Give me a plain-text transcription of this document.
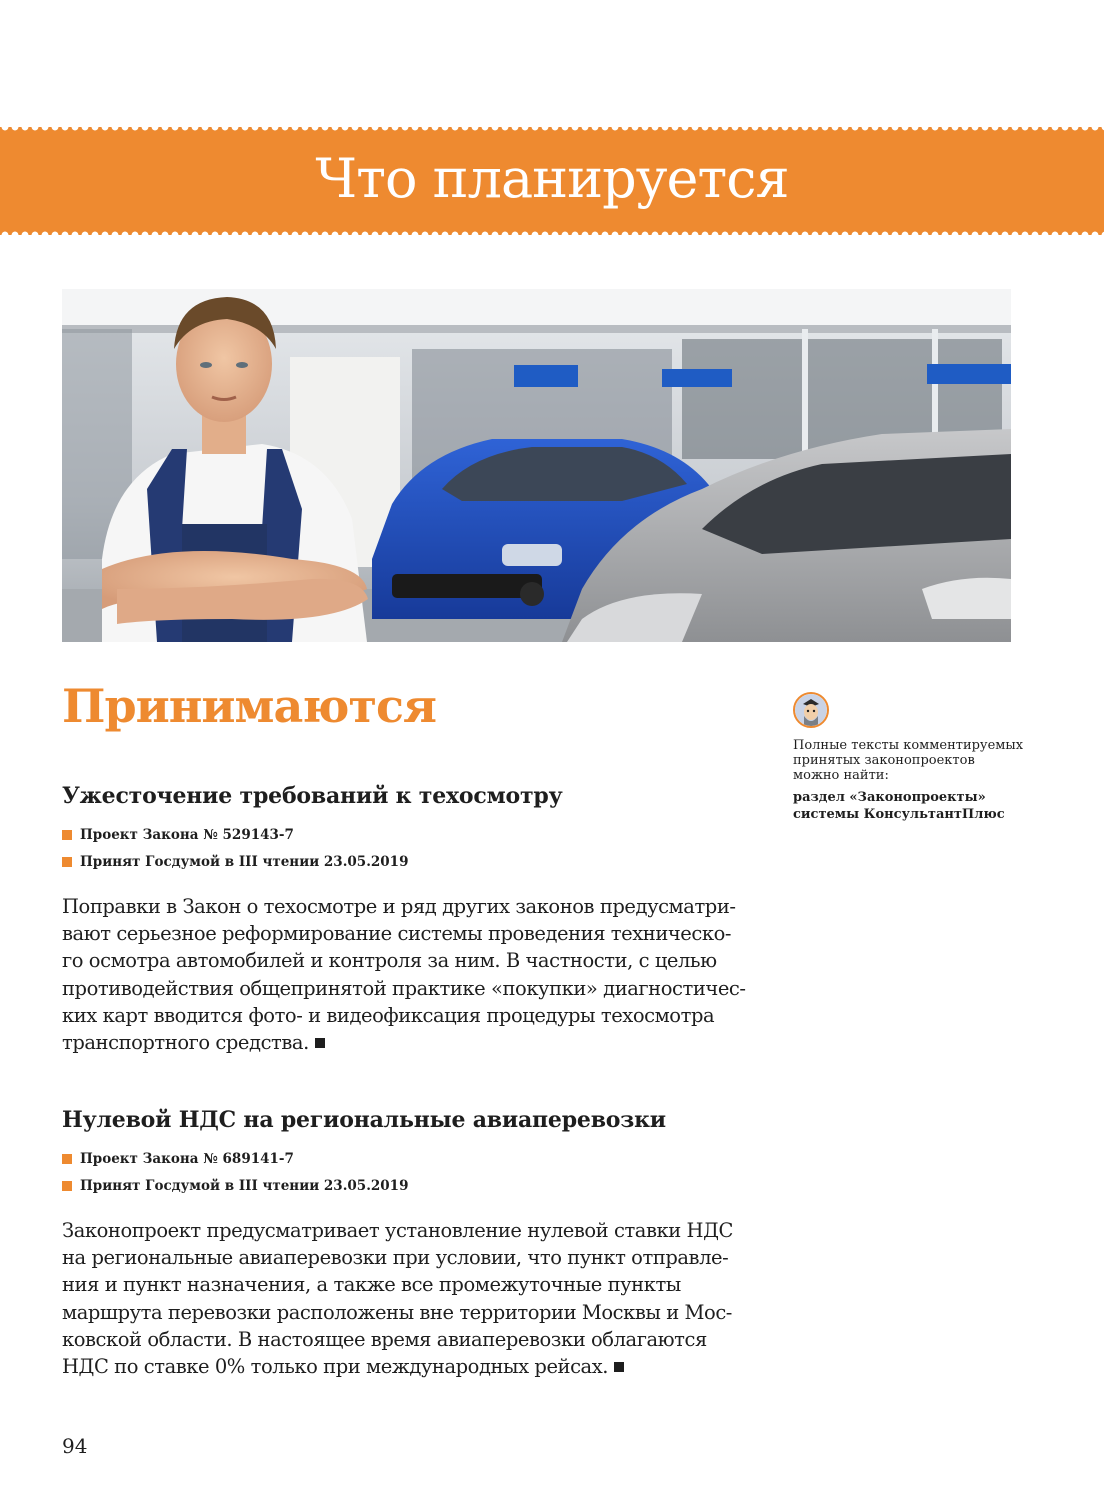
Что планируется
Принимаются
Ужесточение требований к техосмотру
Проект Закона № 529143-7
Принят Госдумой в III чтении 23.05.2019
Поправки в Закон о техосмотре и ряд других законов предусматри-
вают серьезное реформирование системы проведения техническо-
го осмотра автомобилей и контроля за ним. В частности, с целью
противодействия общепринятой практике «покупки» диагностичес-
ких карт вводится фото- и видеофиксация процедуры техосмотра
транспортного средства.
Нулевой НДС на региональные авиаперевозки
Проект Закона № 689141-7
Принят Госдумой в III чтении 23.05.2019
Законопроект предусматривает установление нулевой ставки НДС
на региональные авиаперевозки при условии, что пункт отправле-
ния и пункт назначения, а также все промежуточные пункты
маршрута перевозки расположены вне территории Москвы и Мос-
ковской области. В настоящее время авиаперевозки облагаются
НДС по ставке 0% только при международных рейсах.
Полные тексты комментируемых
принятых законопроектов
можно найти:
раздел «Законопроекты»
системы КонсультантПлюс
94
